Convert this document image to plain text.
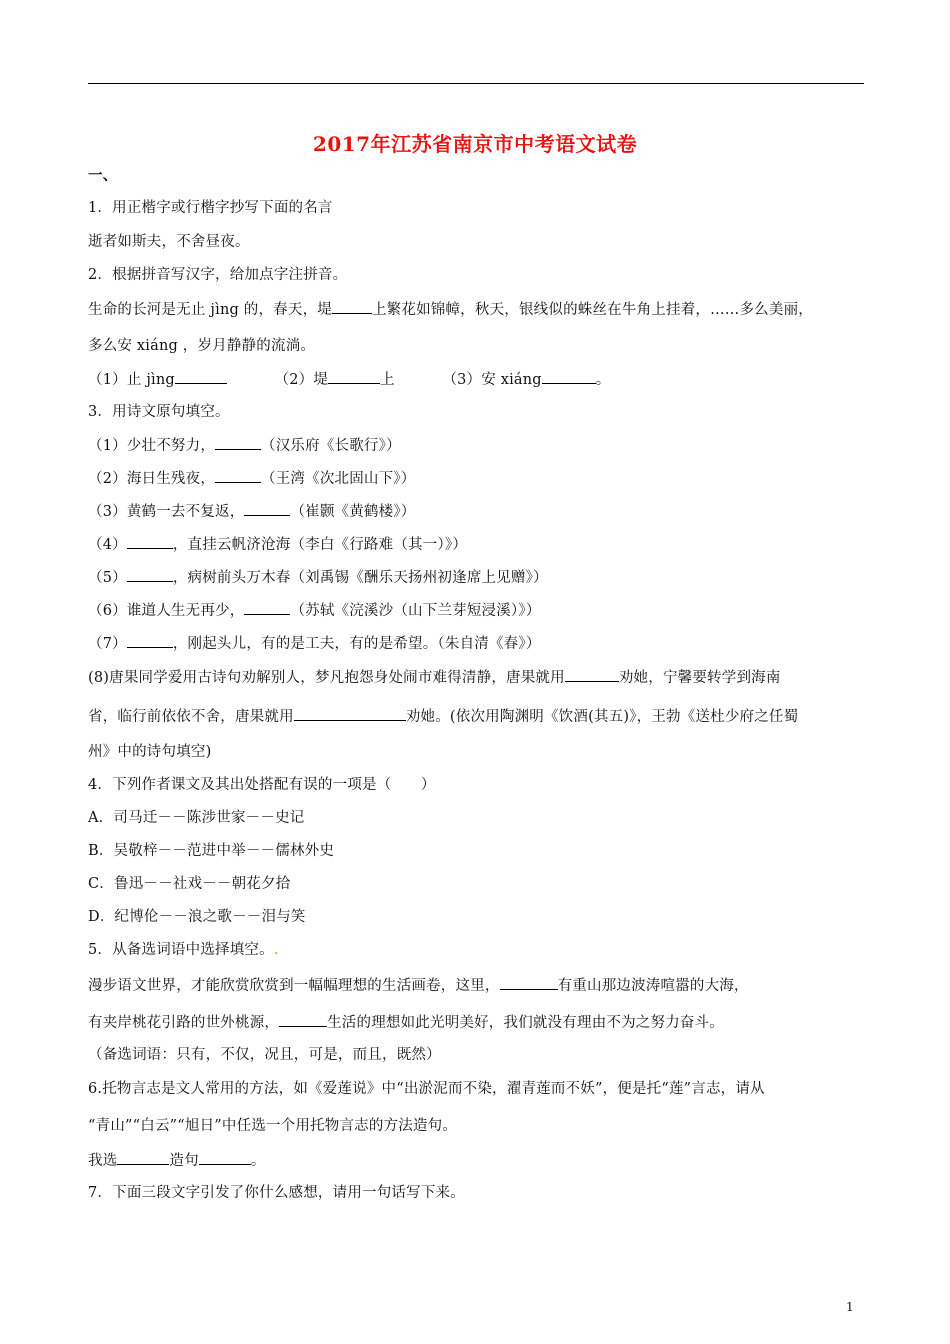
2017年江苏省南京市中考语文试卷
一、
1．用正楷字或行楷字抄写下面的名言
逝者如斯夫，不舍昼夜。
2．根据拼音写汉字，给加点字注拼音。
生命的长河是无止 jìng 的，春天，堤	上繁花如锦幛，秋天，银线似的蛛丝在牛角上挂着，……多么美丽，
多么安 xiáng ，岁月静静的流淌。
（1）止 jìng	（2）堤	上	（3）安 xiáng	。
3．用诗文原句填空。
（1）少壮不努力，	（汉乐府《长歌行》）
（2）海日生残夜，	（王湾《次北固山下》）
（3）黄鹤一去不复返，	（崔颢《黄鹤楼》）
（4）	，直挂云帆济沧海（李白《行路难（其一）》）
（5）	，病树前头万木春（刘禹锡《酬乐天扬州初逢席上见赠》）
（6）谁道人生无再少，	（苏轼《浣溪沙（山下兰芽短浸溪）》）
（7）	，刚起头儿，有的是工夫，有的是希望。（朱自清《春》）
(8)唐果同学爱用古诗句劝解别人，梦凡抱怨身处闹市难得清静，唐果就用	劝她，宁馨要转学到海南
省，临行前依依不舍，唐果就用	劝她。(依次用陶渊明《饮酒(其五)》，王勃《送杜少府之任蜀
州》中的诗句填空)
4．下列作者课文及其出处搭配有误的一项是（　　）
A．司马迁－－陈涉世家－－史记
B．吴敬梓－－范进中举－－儒林外史
C．鲁迅－－社戏－－朝花夕拾
D．纪博伦－－浪之歌－－泪与笑
5．从备选词语中选择填空。.
漫步语文世界，才能欣赏欣赏到一幅幅理想的生活画卷，这里，	有重山那边波涛喧嚣的大海，
有夹岸桃花引路的世外桃源，	生活的理想如此光明美好，我们就没有理由不为之努力奋斗。
（备选词语：只有，不仅，况且，可是，而且，既然）
6.托物言志是文人常用的方法，如《爱莲说》中“出淤泥而不染，濯青莲而不妖”，便是托“莲”言志，请从
“青山”“白云”“旭日”中任选一个用托物言志的方法造句。
我选	造句	。
7．下面三段文字引发了你什么感想，请用一句话写下来。
1
